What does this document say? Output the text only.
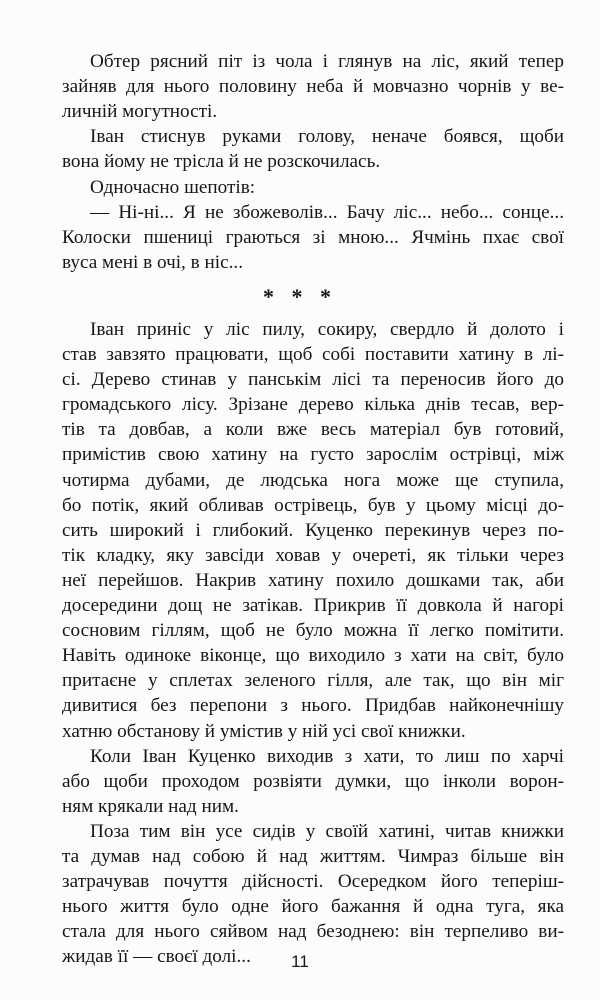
Обтер рясний піт із чола і глянув на ліс, який тепер

зайняв для нього половину неба й мовчазно чорнів у ве-

личній могутності.

Іван стиснув руками голову, неначе боявся, щоби

вона йому не трісла й не розскочилась.

Одночасно шепотів:

— Ні-ні... Я не збожеволів... Бачу ліс... небо... сонце...

Колоски пшениці граються зі мною... Ячмінь пхає свої

вуса мені в очі, в ніс...

* * *

Іван приніс у ліс пилу, сокиру, свердло й долото і

став завзято працювати, щоб собі поставити хатину в лі-

сі. Дерево стинав у панськім лісі та переносив його до

громадського лісу. Зрізане дерево кілька днів тесав, вер-

тів та довбав, а коли вже весь матеріал був готовий,

примістив свою хатину на густо зарослім острівці, між

чотирма дубами, де людська нога може ще ступила,

бо потік, який обливав острівець, був у цьому місці до-

сить широкий і глибокий. Куценко перекинув через по-

тік кладку, яку завсіди ховав у очереті, як тільки через

неї перейшов. Накрив хатину похило дошками так, аби

досередини дощ не затікав. Прикрив її довкола й нагорі

сосновим гіллям, щоб не було можна її легко помітити.

Навіть одиноке віконце, що виходило з хати на світ, було

притаєне у сплетах зеленого гілля, але так, що він міг

дивитися без перепони з нього. Придбав найконечнішу

хатню обстанову й умістив у ній усі свої книжки.

Коли Іван Куценко виходив з хати, то лиш по харчі

або щоби проходом розвіяти думки, що інколи ворон-

ням крякали над ним.

Поза тим він усе сидів у своїй хатині, читав книжки

та думав над собою й над життям. Чимраз більше він

затрачував почуття дійсності. Осередком його теперіш-

нього життя було одне його бажання й одна туга, яка

стала для нього сяйвом над безоднею: він терпеливо ви-

жидав її — своєї долі...	11
